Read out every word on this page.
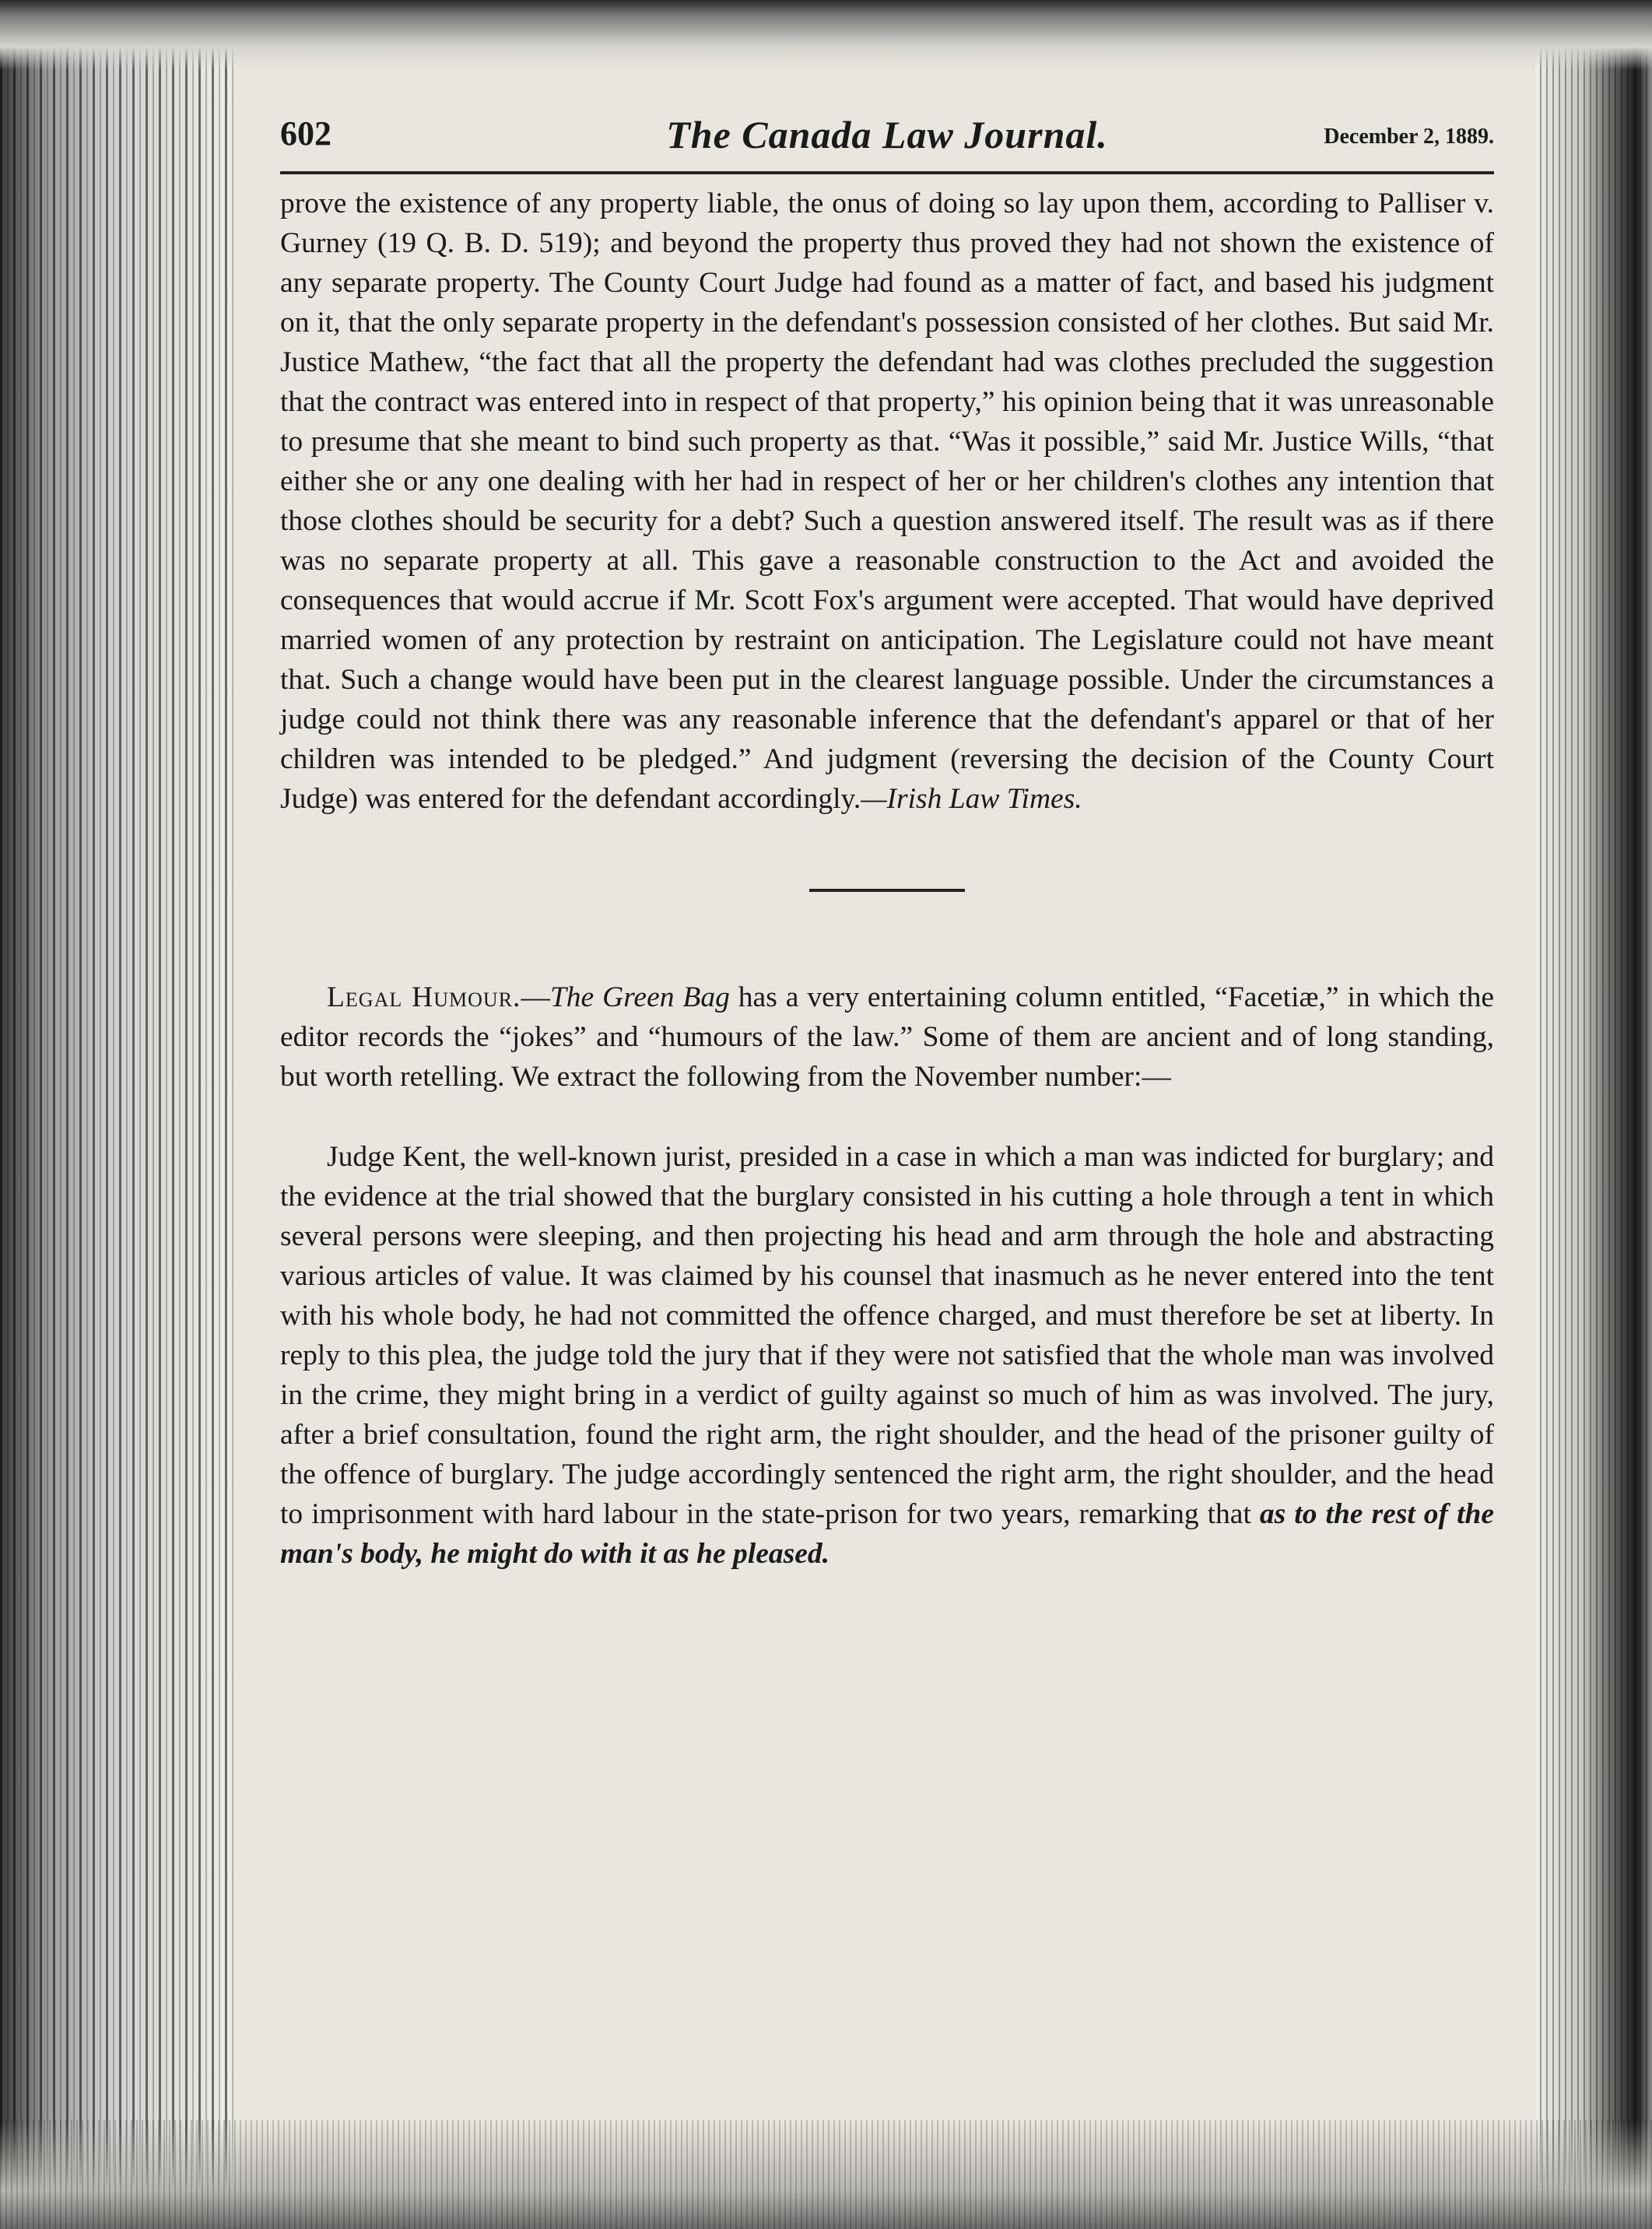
602	The Canada Law Journal.	December 2, 1889.

prove the existence of any property liable, the onus of doing so lay upon them, according to Palliser v. Gurney (19 Q. B. D. 519); and beyond the property thus proved they had not shown the existence of any separate property. The County Court Judge had found as a matter of fact, and based his judgment on it, that the only separate property in the defendant's possession consisted of her clothes. But said Mr. Justice Mathew, “the fact that all the property the defendant had was clothes precluded the suggestion that the contract was entered into in respect of that property,” his opinion being that it was unreasonable to presume that she meant to bind such property as that. “Was it possible,” said Mr. Justice Wills, “that either she or any one dealing with her had in respect of her or her children's clothes any intention that those clothes should be security for a debt? Such a question answered itself. The result was as if there was no separate property at all. This gave a reasonable construction to the Act and avoided the consequences that would accrue if Mr. Scott Fox's argument were accepted. That would have deprived married women of any protection by restraint on anticipation. The Legislature could not have meant that. Such a change would have been put in the clearest language possible. Under the circumstances a judge could not think there was any reasonable inference that the defendant's apparel or that of her children was intended to be pledged.” And judgment (reversing the decision of the County Court Judge) was entered for the defendant accordingly.—Irish Law Times.

Legal Humour.—The Green Bag has a very entertaining column entitled, “Facetiæ,” in which the editor records the “jokes” and “humours of the law.” Some of them are ancient and of long standing, but worth retelling. We extract the following from the November number:—

Judge Kent, the well-known jurist, presided in a case in which a man was indicted for burglary; and the evidence at the trial showed that the burglary consisted in his cutting a hole through a tent in which several persons were sleeping, and then projecting his head and arm through the hole and abstracting various articles of value. It was claimed by his counsel that inasmuch as he never entered into the tent with his whole body, he had not committed the offence charged, and must therefore be set at liberty. In reply to this plea, the judge told the jury that if they were not satisfied that the whole man was involved in the crime, they might bring in a verdict of guilty against so much of him as was involved. The jury, after a brief consultation, found the right arm, the right shoulder, and the head of the prisoner guilty of the offence of burglary. The judge accordingly sentenced the right arm, the right shoulder, and the head to imprisonment with hard labour in the state-prison for two years, remarking that as to the rest of the man's body, he might do with it as he pleased.
